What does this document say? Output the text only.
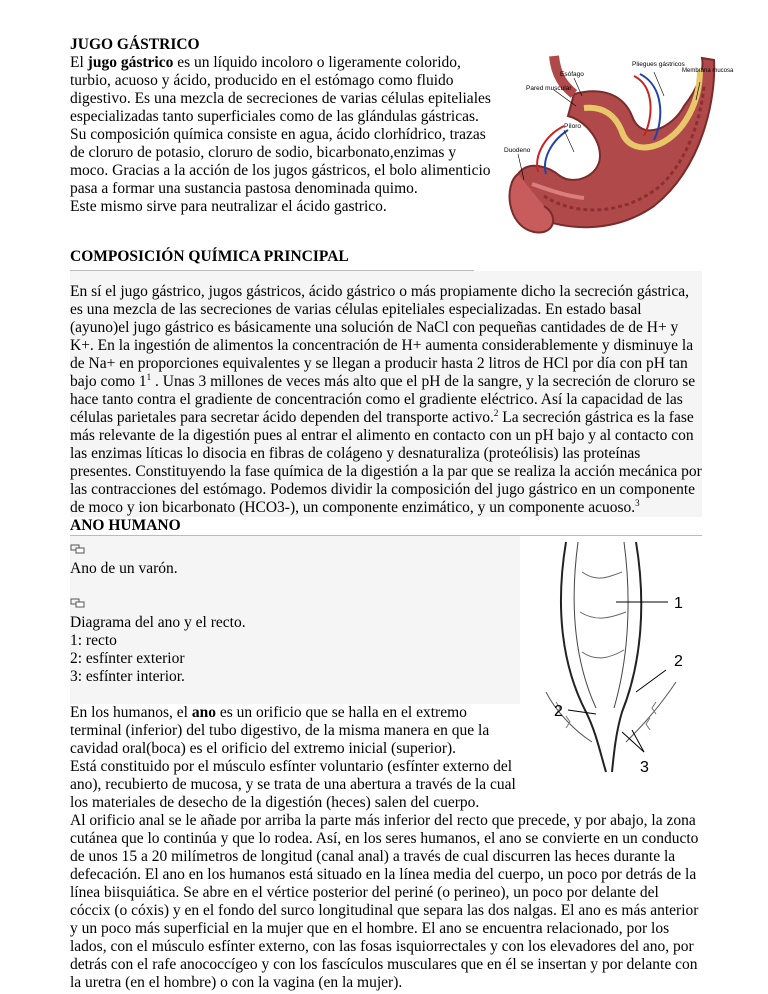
JUGO GÁSTRICO
Pliegues gástricos
Membrana mucosa
Esófago
Pared muscular
Píloro
Duodeno

El jugo gástrico es un líquido incoloro o ligeramente colorido, turbio, acuoso y ácido, producido en el estómago como fluido digestivo. Es una mezcla de secreciones de varias células epiteliales especializadas tanto superficiales como de las glándulas gástricas. Su composición química consiste en agua, ácido clorhídrico, trazas de cloruro de potasio, cloruro de sodio, bicarbonato,enzimas y moco. Gracias a la acción de los jugos gástricos, el bolo alimenticio pasa a formar una sustancia pastosa denominada quimo.

Este mismo sirve para neutralizar el ácido gastrico.

COMPOSICIÓN QUÍMICA PRINCIPAL

En sí el jugo gástrico, jugos gástricos, ácido gástrico o más propiamente dicho la secreción gástrica, es una mezcla de las secreciones de varias células epiteliales especializadas. En estado basal (ayuno)el jugo gástrico es básicamente una solución de NaCl con pequeñas cantidades de de H+ y K+. En la ingestión de alimentos la concentración de H+ aumenta considerablemente y disminuye la de Na+ en proporciones equivalentes y se llegan a producir hasta 2 litros de HCl por día con pH tan bajo como $1^1$ . Unas 3 millones de veces más alto que el pH de la sangre, y la secreción de cloruro se hace tanto contra el gradiente de concentración como el gradiente eléctrico. Así la capacidad de las células parietales para secretar ácido dependen del transporte activo.$^2$ La secreción gástrica es la fase más relevante de la digestión pues al entrar el alimento en contacto con un pH bajo y al contacto con las enzimas líticas lo disocia en fibras de colágeno y desnaturaliza (proteólisis) las proteínas presentes. Constituyendo la fase química de la digestión a la par que se realiza la acción mecánica por las contracciones del estómago. Podemos dividir la composición del jugo gástrico en un componente de moco y ion bicarbonato (HCO3-), un componente enzimático, y un componente acuoso.$^3$

ANO HUMANO
1
2
2
3

Ano de un varón.

Diagrama del ano y el recto.

1: recto

2: esfínter exterior

3: esfínter interior.

En los humanos, el ano es un orificio que se halla en el extremo terminal (inferior) del tubo digestivo, de la misma manera en que la cavidad oral(boca) es el orificio del extremo inicial (superior).

Está constituido por el músculo esfínter voluntario (esfínter externo del ano), recubierto de mucosa, y se trata de una abertura a través de la cual los materiales de desecho de la digestión (heces) salen del cuerpo.

Al orificio anal se le añade por arriba la parte más inferior del recto que precede, y por abajo, la zona cutánea que lo continúa y que lo rodea. Así, en los seres humanos, el ano se convierte en un conducto de unos 15 a 20 milímetros de longitud (canal anal) a través de cual discurren las heces durante la defecación. El ano en los humanos está situado en la línea media del cuerpo, un poco por detrás de la línea biisquiática. Se abre en el vértice posterior del periné (o perineo), un poco por delante del cóccix (o cóxis) y en el fondo del surco longitudinal que separa las dos nalgas. El ano es más anterior y un poco más superficial en la mujer que en el hombre. El ano se encuentra relacionado, por los lados, con el músculo esfínter externo, con las fosas isquiorrectales y con los elevadores del ano, por detrás con el rafe anococcígeo y con los fascículos musculares que en él se insertan y por delante con la uretra (en el hombre) o con la vagina (en la mujer).
